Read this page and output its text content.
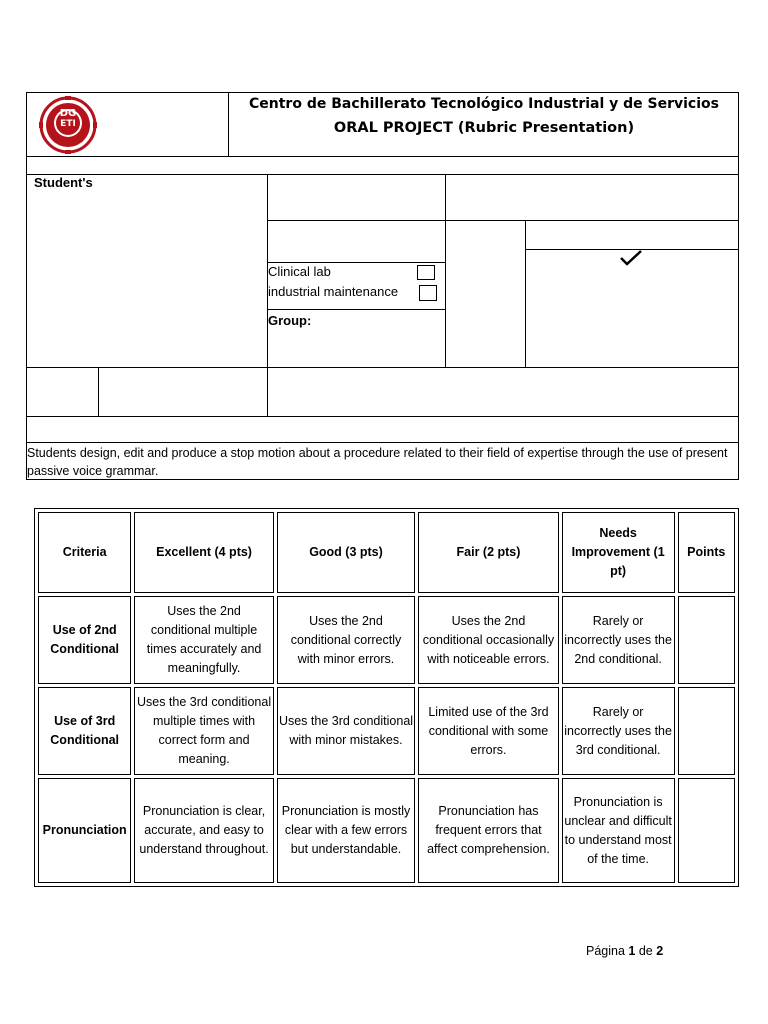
DG
ETI
CBTis 032
Centro de Bachillerato Tecnológico Industrial y de Servicios
ORAL PROJECT (Rubric Presentation)
Student's
Clinical lab
industrial maintenance
Group:
Students design, edit and produce a stop motion about a procedure related to their field of expertise through the use of present passive voice grammar.
Criteria	Excellent (4 pts)	Good (3 pts)	Fair (2 pts)	Needs Improvement (1 pt)	Points
Use of 2nd Conditional	Uses the 2nd conditional multiple times accurately and meaningfully.	Uses the 2nd conditional correctly with minor errors.	Uses the 2nd conditional occasionally with noticeable errors.	Rarely or incorrectly uses the 2nd conditional.	
Use of 3rd Conditional	Uses the 3rd conditional multiple times with correct form and meaning.	Uses the 3rd conditional with minor mistakes.	Limited use of the 3rd conditional with some errors.	Rarely or incorrectly uses the 3rd conditional.	
Pronunciation	Pronunciation is clear, accurate, and easy to understand throughout.	Pronunciation is mostly clear with a few errors but understandable.	Pronunciation has frequent errors that affect comprehension.	Pronunciation is unclear and difficult to understand most of the time.	
Página 1 de 2
